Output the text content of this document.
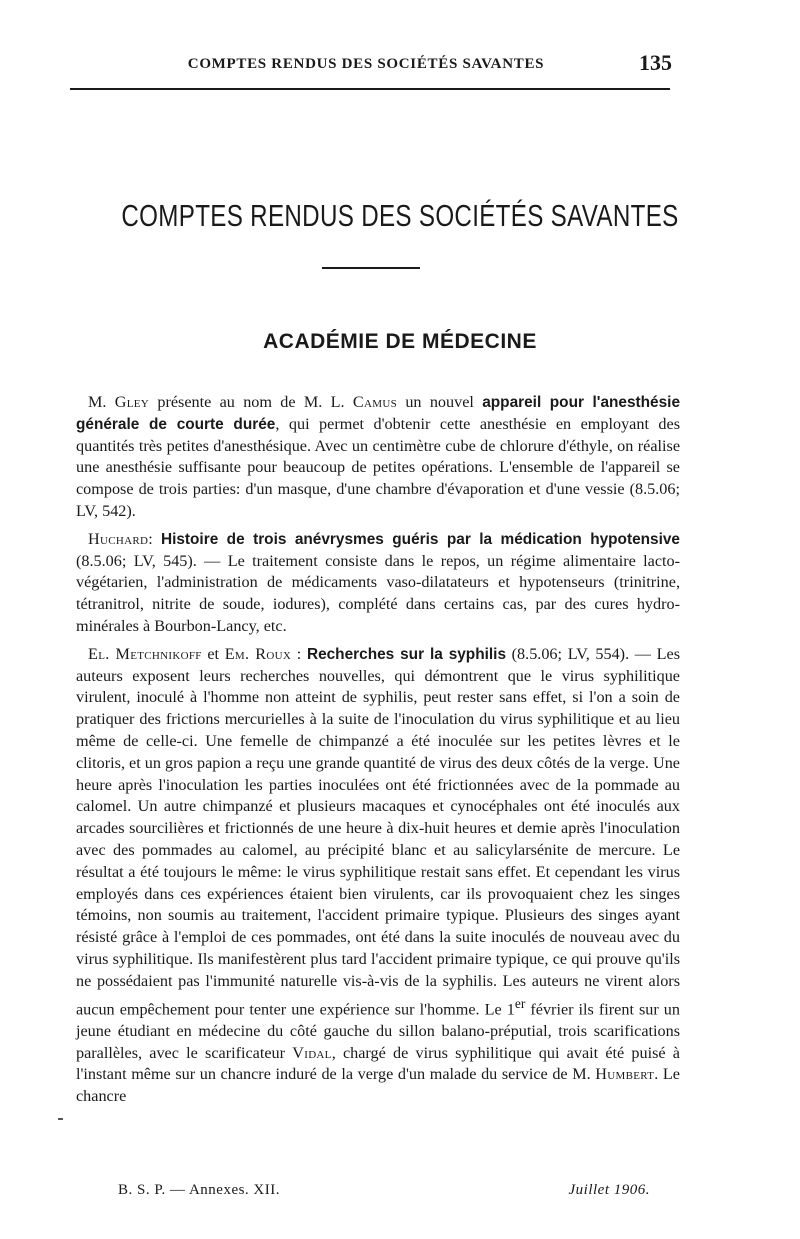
COMPTES RENDUS DES SOCIÉTÉS SAVANTES	135
COMPTES RENDUS DES SOCIÉTÉS SAVANTES
ACADÉMIE DE MÉDECINE

M. Gley présente au nom de M. L. Camus un nouvel appareil pour l'anesthésie générale de courte durée, qui permet d'obtenir cette anesthésie en employant des quantités très petites d'anesthésique. Avec un centimètre cube de chlorure d'éthyle, on réalise une anesthésie suffisante pour beaucoup de petites opérations. L'ensemble de l'appareil se compose de trois parties: d'un masque, d'une chambre d'évaporation et d'une vessie (8.5.06; LV, 542).

Huchard: Histoire de trois anévrysmes guéris par la médication hypotensive (8.5.06; LV, 545). — Le traitement consiste dans le repos, un régime alimentaire lacto-végétarien, l'administration de médicaments vaso-dilatateurs et hypotenseurs (trinitrine, tétranitrol, nitrite de soude, iodures), complété dans certains cas, par des cures hydro-minérales à Bourbon-Lancy, etc.

El. Metchnikoff et Em. Roux : Recherches sur la syphilis (8.5.06; LV, 554). — Les auteurs exposent leurs recherches nouvelles, qui démontrent que le virus syphilitique virulent, inoculé à l'homme non atteint de syphilis, peut rester sans effet, si l'on a soin de pratiquer des frictions mercurielles à la suite de l'inoculation du virus syphilitique et au lieu même de celle-ci. Une femelle de chimpanzé a été inoculée sur les petites lèvres et le clitoris, et un gros papion a reçu une grande quantité de virus des deux côtés de la verge. Une heure après l'inoculation les parties inoculées ont été frictionnées avec de la pommade au calomel. Un autre chimpanzé et plusieurs macaques et cynocéphales ont été inoculés aux arcades sourcilières et frictionnés de une heure à dix-huit heures et demie après l'inoculation avec des pommades au calomel, au précipité blanc et au salicylarsénite de mercure. Le résultat a été toujours le même: le virus syphilitique restait sans effet. Et cependant les virus employés dans ces expériences étaient bien virulents, car ils provoquaient chez les singes témoins, non soumis au traitement, l'accident primaire typique. Plusieurs des singes ayant résisté grâce à l'emploi de ces pommades, ont été dans la suite inoculés de nouveau avec du virus syphilitique. Ils manifestèrent plus tard l'accident primaire typique, ce qui prouve qu'ils ne possédaient pas l'immunité naturelle vis-à-vis de la syphilis. Les auteurs ne virent alors aucun empêchement pour tenter une expérience sur l'homme. Le 1er février ils firent sur un jeune étudiant en médecine du côté gauche du sillon balano-préputial, trois scarifications parallèles, avec le scarificateur Vidal, chargé de virus syphilitique qui avait été puisé à l'instant même sur un chancre induré de la verge d'un malade du service de M. Humbert. Le chancre

B. S. P. — Annexes. XII.	Juillet 1906.
